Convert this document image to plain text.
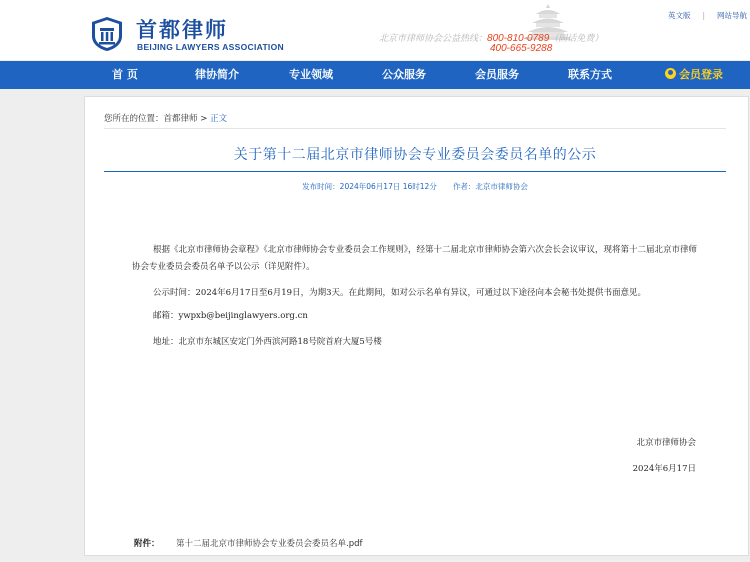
首都律师
BEIJING LAWYERS ASSOCIATION
北京市律师协会公益热线：800-810-0789（固话免费）
400-665-9288
英文版 | 网站导航
首 页	律协简介	专业领域	公众服务	会员服务	联系方式	会员登录
您所在的位置：首都律师 > 正文
关于第十二届北京市律师协会专业委员会委员名单的公示
发布时间：2024年06月17日 16时12分 作者：北京市律师协会
根据《北京市律师协会章程》《北京市律师协会专业委员会工作规则》，经第十二届北京市律师协会第六次会长会议审议，现将第十二届北京市律师协会专业委员会委员名单予以公示（详见附件）。
公示时间：2024年6月17日至6月19日，为期3天。在此期间，如对公示名单有异议，可通过以下途径向本会秘书处提供书面意见。
邮箱：ywpxb@beijinglawyers.org.cn
地址：北京市东城区安定门外西滨河路18号院首府大厦5号楼
北京市律师协会
2024年6月17日
附件： 第十二届北京市律师协会专业委员会委员名单.pdf
